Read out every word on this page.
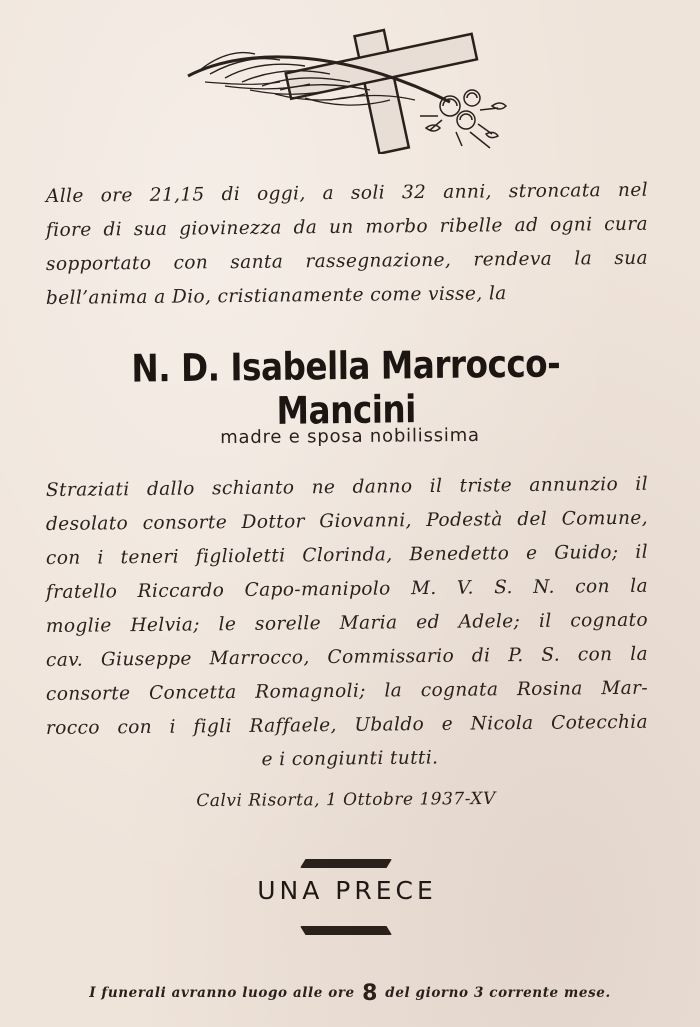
Alle ore 21,15 di oggi, a soli 32 anni, stroncata nel
fiore di sua giovinezza da un morbo ribelle ad ogni cura
sopportato con santa rassegnazione, rendeva la sua
bell’anima a Dio, cristianamente come visse, la
N. D. Isabella Marrocco-Mancini
madre e sposa nobilissima
Straziati dallo schianto ne danno il triste annunzio il
desolato consorte Dottor Giovanni, Podestà del Comune,
con i teneri figlioletti Clorinda, Benedetto e Guido; il
fratello Riccardo Capo-manipolo M. V. S. N. con la
moglie Helvia; le sorelle Maria ed Adele; il cognato
cav. Giuseppe Marrocco, Commissario di P. S. con la
consorte Concetta Romagnoli; la cognata Rosina Mar-
rocco con i figli Raffaele, Ubaldo e Nicola Cotecchia
e i congiunti tutti.
Calvi Risorta, 1 Ottobre 1937-XV
UNA PRECE
I funerali avranno luogo alle ore 8 del giorno 3 corrente mese.
